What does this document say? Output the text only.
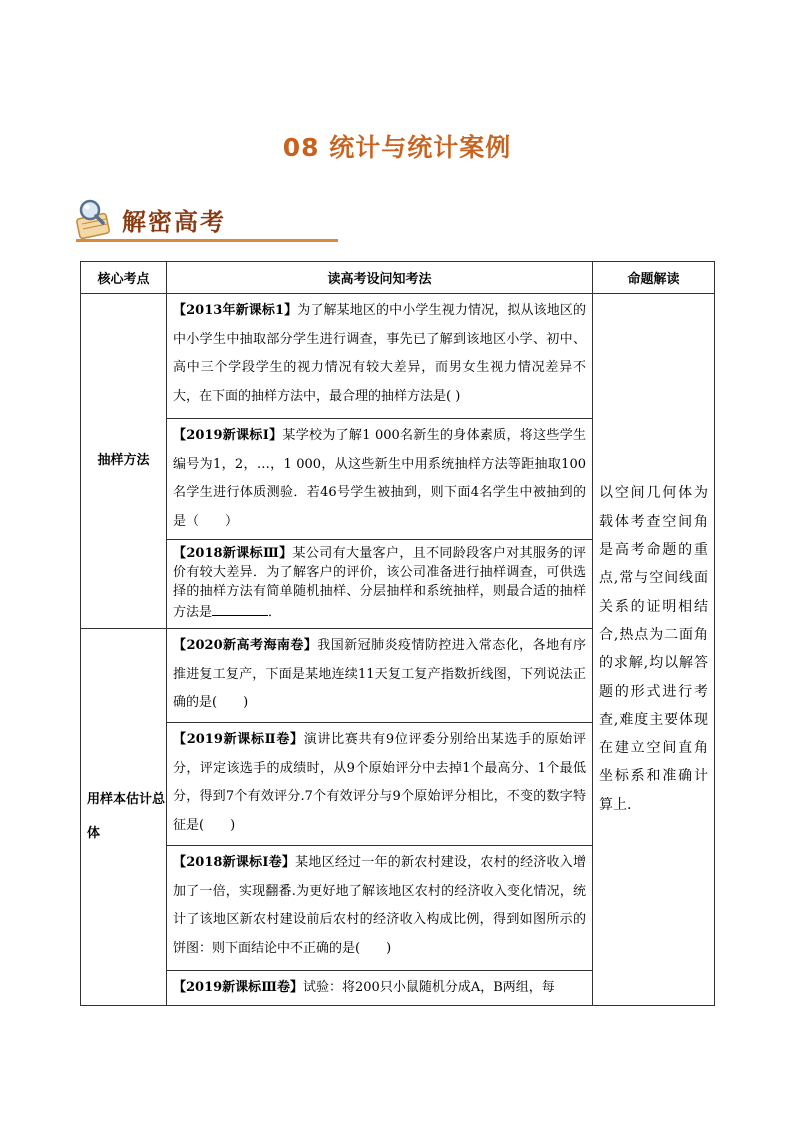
08 统计与统计案例
解密高考
核心考点	读高考设问知考法	命题解读
抽样方法	【2013年新课标1】为了解某地区的中小学生视力情况，拟从该地区的中小学生中抽取部分学生进行调查，事先已了解到该地区小学、初中、高中三个学段学生的视力情况有较大差异，而男女生视力情况差异不大，在下面的抽样方法中，最合理的抽样方法是( )	以空间几何体为载体考查空间角是高考命题的重点,常与空间线面关系的证明相结合,热点为二面角的求解,均以解答题的形式进行考查,难度主要体现在建立空间直角坐标系和准确计算上.
	【2019新课标Ⅰ】某学校为了解1 000名新生的身体素质，将这些学生编号为1，2，…，1 000，从这些新生中用系统抽样方法等距抽取100名学生进行体质测验．若46号学生被抽到，则下面4名学生中被抽到的是（　　）	
	【2018新课标Ⅲ】某公司有大量客户，且不同龄段客户对其服务的评价有较大差异．为了解客户的评价，该公司准备进行抽样调查，可供选择的抽样方法有简单随机抽样、分层抽样和系统抽样，则最合适的抽样方法是 ．	
用样本估计总体	【2020新高考海南卷】我国新冠肺炎疫情防控进入常态化，各地有序推进复工复产，下面是某地连续11天复工复产指数折线图，下列说法正确的是(　　)	
	【2019新课标Ⅱ卷】演讲比赛共有9位评委分别给出某选手的原始评分，评定该选手的成绩时，从9个原始评分中去掉1个最高分、1个最低分，得到7个有效评分.7个有效评分与9个原始评分相比，不变的数字特征是(　　)	
	【2018新课标Ⅰ卷】某地区经过一年的新农村建设，农村的经济收入增加了一倍，实现翻番.为更好地了解该地区农村的经济收入变化情况，统计了该地区新农村建设前后农村的经济收入构成比例，得到如图所示的饼图：则下面结论中不正确的是(　　)	
	【2019新课标Ⅲ卷】试验：将200只小鼠随机分成A，B两组，每	
